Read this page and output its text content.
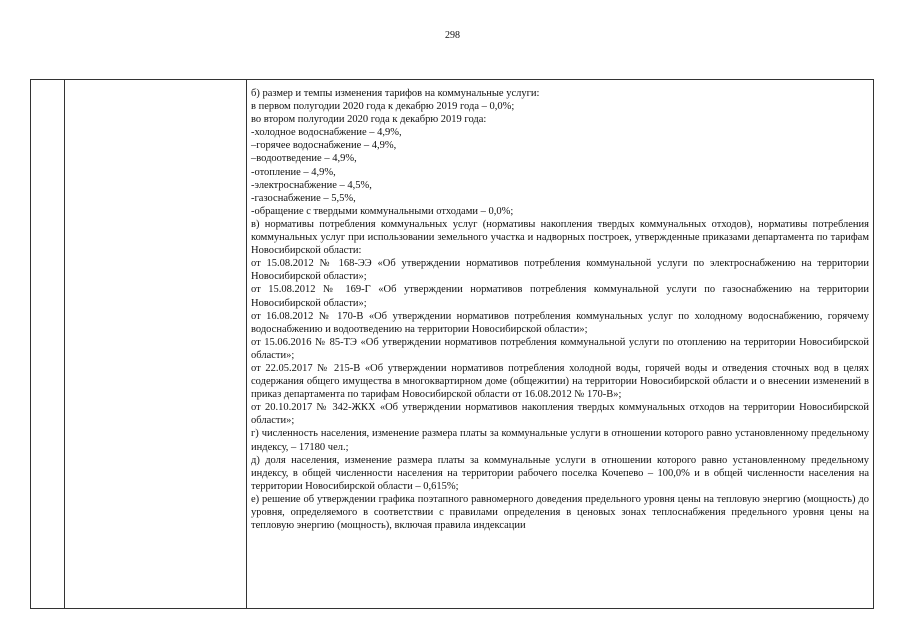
298

б) размер и темпы изменения тарифов на коммунальные услуги:
в первом полугодии 2020 года к декабрю 2019 года – 0,0%;
во втором полугодии 2020 года к декабрю 2019 года:
-холодное водоснабжение – 4,9%,
–горячее водоснабжение – 4,9%,
–водоотведение – 4,9%,
-отопление – 4,9%,
-электроснабжение – 4,5%,
-газоснабжение – 5,5%,
-обращение с твердыми коммунальными отходами – 0,0%;

в) нормативы потребления коммунальных услуг (нормативы накопления твердых коммунальных отходов), нормативы потребления коммунальных услуг при использовании земельного участка и надворных построек, утвержденные приказами департамента по тарифам Новосибирской области:

от 15.08.2012 № 168-ЭЭ «Об утверждении нормативов потребления коммунальной услуги по электроснабжению на территории Новосибирской области»;

от 15.08.2012 № 169-Г «Об утверждении нормативов потребления коммунальной услуги по газоснабжению на территории Новосибирской области»;

от 16.08.2012 № 170-В «Об утверждении нормативов потребления коммунальных услуг по холодному водоснабжению, горячему водоснабжению и водоотведению на территории Новосибирской области»;

от 15.06.2016 № 85-ТЭ «Об утверждении нормативов потребления коммунальной услуги по отоплению на территории Новосибирской области»;

от 22.05.2017 № 215-В «Об утверждении нормативов потребления холодной воды, горячей воды и отведения сточных вод в целях содержания общего имущества в многоквартирном доме (общежитии) на территории Новосибирской области и о внесении изменений в приказ департамента по тарифам Новосибирской области от 16.08.2012 № 170-В»;

от 20.10.2017 № 342-ЖКХ «Об утверждении нормативов накопления твердых коммунальных отходов на территории Новосибирской области»;

г) численность населения, изменение размера платы за коммунальные услуги в отношении которого равно установленному предельному индексу, – 17180 чел.;

д) доля населения, изменение размера платы за коммунальные услуги в отношении которого равно установленному предельному индексу, в общей численности населения на территории рабочего поселка Кочепево – 100,0% и в общей численности населения на территории Новосибирской области – 0,615%;

е) решение об утверждении графика поэтапного равномерного доведения предельного уровня цены на тепловую энергию (мощность) до уровня, определяемого в соответствии с правилами определения в ценовых зонах теплоснабжения предельного уровня цены на тепловую энергию (мощность), включая правила индексации
